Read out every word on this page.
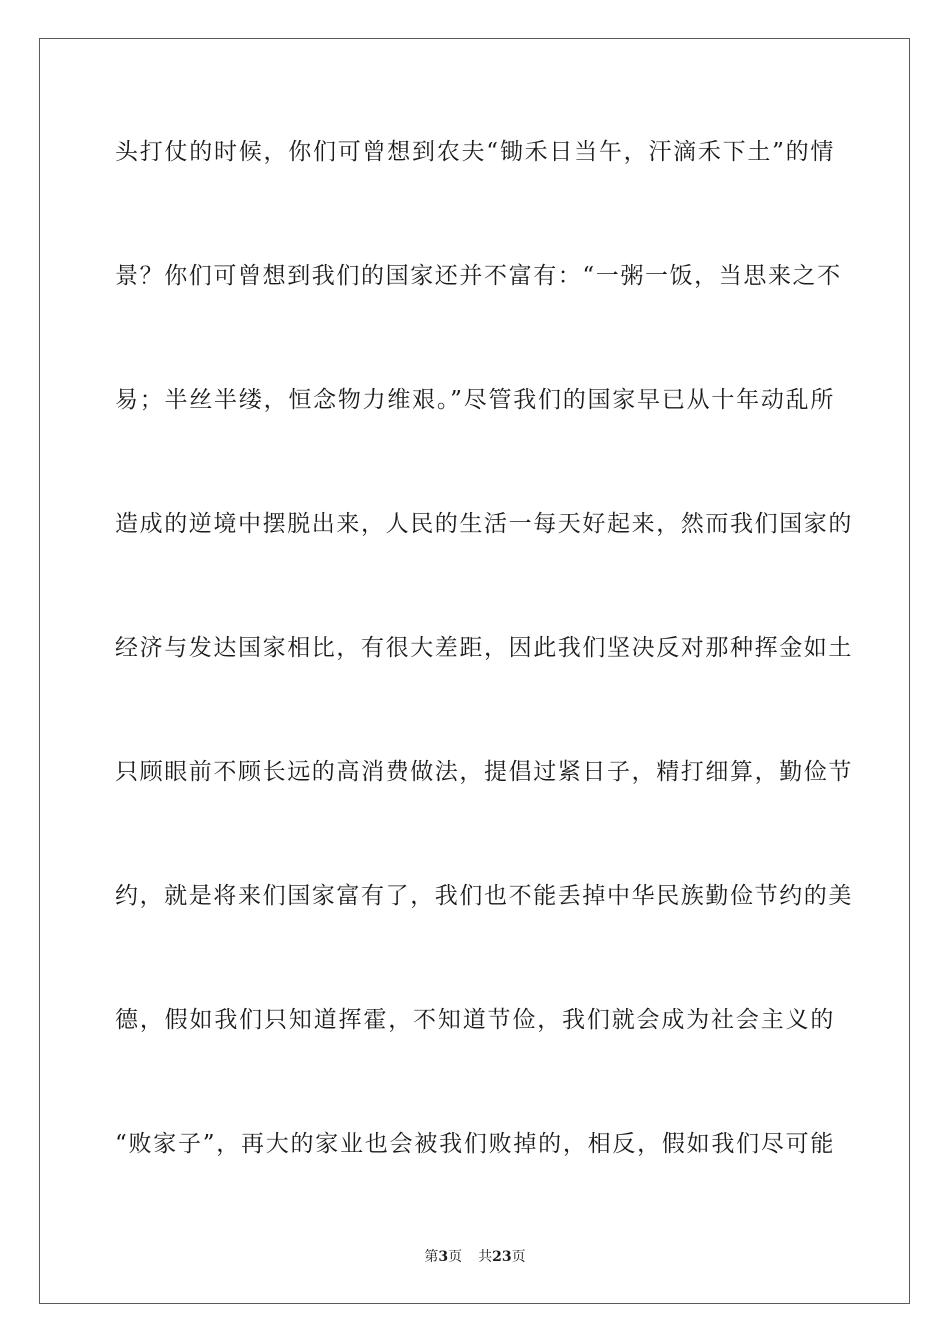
头打仗的时候，你们可曾想到农夫“锄禾日当午，汗滴禾下土”的情
景？你们可曾想到我们的国家还并不富有：“一粥一饭，当思来之不
易；半丝半缕，恒念物力维艰。”尽管我们的国家早已从十年动乱所
造成的逆境中摆脱出来，人民的生活一每天好起来，然而我们国家的
经济与发达国家相比，有很大差距，因此我们坚决反对那种挥金如土
只顾眼前不顾长远的高消费做法，提倡过紧日子，精打细算，勤俭节
约，就是将来们国家富有了，我们也不能丢掉中华民族勤俭节约的美
德，假如我们只知道挥霍，不知道节俭，我们就会成为社会主义的
“败家子”，再大的家业也会被我们败掉的，相反，假如我们尽可能
第3页 共23页
